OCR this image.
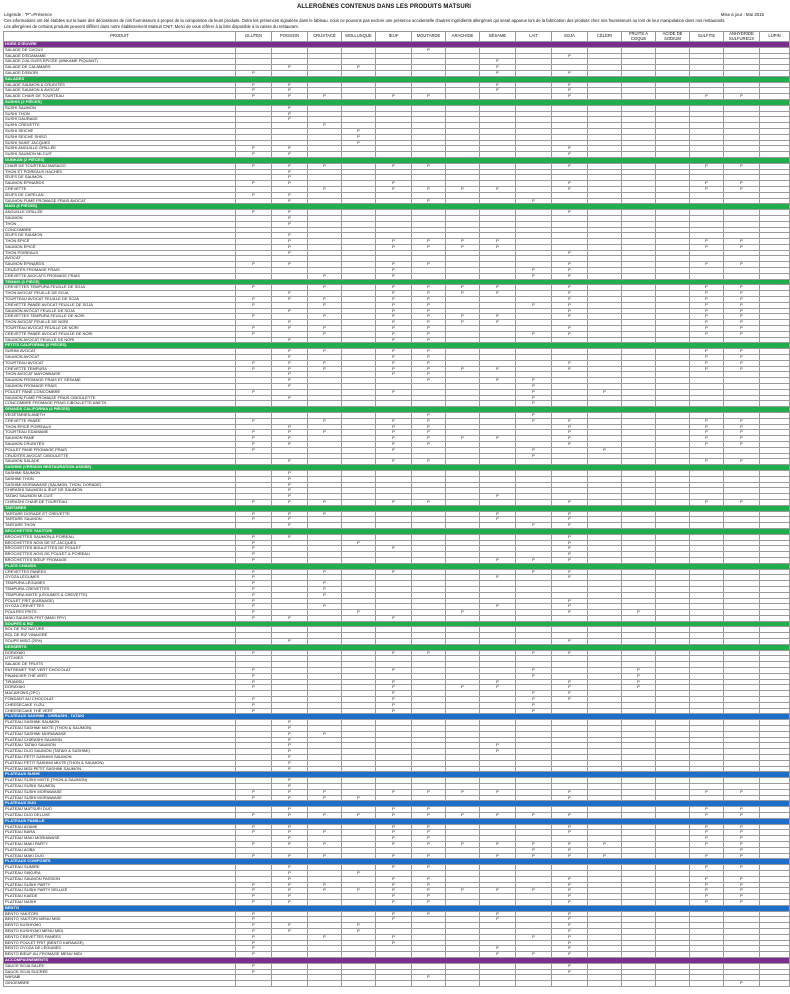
ALLERGÈNES CONTENUS DANS LES PRODUITS MATSURI
Légende : "P"=Présence	Mise à jour : Mai 2015
Ces informations ont été établies sur la base des déclarations de nos fournisseurs à propos de la composition de leurs produits. Outre les présences signalées dans le tableau, nous ne pouvons pas exclure une présence accidentelle d'autres ingrédients allergènes qui serait apparue lors de la fabrication des produits chez nos fournisseurs ou lors de leur manipulation dans nos restaurants.
Les allergènes de certains produits peuvent différer dans notre établissement Matsuri CNIT. Merci de vous référer à la liste disponible à la caisse du restaurant.
PRODUIT	GLUTEN	POISSON	CRUSTACÉ	MOLLUSQUE	ŒUF	MOUTARDE	ARACHIDE	SÉSAME	LAIT	SOJA	CÉLERI	FRUITS À COQUE	ACIDE DE SODIUM	SULFITE	ANHYDRIDE SULFUREUX	LUPIN
HORS D'ŒUVRE																
SALADE DE CHOUX						P										
SALADE D'EDAMAME										P						
SALADE D'ALGUES EPICÉE (WAKAME PIQUANT)								P								
SALADE DE CALAMARS		P		P				P								
SALADE D'EBORI	P							P		P						
SALADES																
SALADE SAUMON & CRUDITÉS	P	P						P		P						
SALADE SAUMON & AVOCAT	P	P						P		P						
SALADE CHAIR DE TOURTEAU	P	P	P		P	P				P				P	P	
SUSHIS (2 PIÈCES)																
SUSHI SAUMON		P														
SUSHI THON		P														
SUSHI DAURADE		P														
SUSHI CREVETTE			P													
SUSHI SEICHE				P												
SUSHI SEICHE SHISO				P												
SUSHI SAINT JACQUES				P												
SUSHI ANGUILLE GRILLÉE	P	P								P						
SUSHI SAUMON MI-CUIT	P	P								P						
GUNKAN (2 PIÈCES)																
CHAIR DE TOURTEAU MASAGO	P	P	P		P	P				P				P	P	
THON ET POIREAUX HACHÉS		P														
ŒUFS DE SAUMON		P														
SAUMON ÉPINARDS	P	P			P					P				P	P	
CREVETTE			P		P	P	P	P		P				P	P	
ŒUFS DE CAPELAN	P	P														
SAUMON FUMÉ FROMAGE FRAIS AVOCAT		P				P			P							
MAKI (6 PIÈCES)																
ANGUILLE GRILLÉE	P	P								P						
SAUMON		P														
THON		P														
CONCOMBRE																
ŒUFS DE SAUMON		P														
THON ÉPICÉ		P			P	P	P	P						P	P	
SAUMON ÉPICÉ		P			P	P	P	P						P	P	
THON POIREAUX		P								P						
AVOCAT																
SAUMON ÉPINARDS	P	P			P	P				P				P	P	
CRUDITÉS FROMAGE FRAIS					P				P	P						
CREVETTE AVOCATS FROMAGE FRAIS			P		P				P	P						
TEMAKI (1 PIÈCE)																
CREVETTES TEMPURA FEUILLE DE SOJA	P		P		P	P	P	P		P				P	P	
THON AVOCAT FEUILLE DE SOJA		P			P	P	P	P		P				P	P	
TOURTEAU AVOCAT FEUILLE DE SOJA	P	P	P		P	P				P				P	P	
CREVETTE PANÉE AVOCAT FEUILLE DE SOJA	P		P		P	P			P	P				P	P	
SAUMON AVOCAT FEUILLE DE SOJA		P			P	P				P				P	P	
CREVETTES TEMPURA FEUILLE DE NORI	P		P		P	P	P	P		P				P	P	
THON AVOCAT FEUILLE DE NORI		P			P	P	P	P						P	P	
TOURTEAU AVOCAT FEUILLE DE NORI	P	P	P		P	P				P				P	P	
CREVETTE PANÉE AVOCAT FEUILLE DE NORI	P		P		P	P			P	P				P	P	
SAUMON AVOCAT FEUILLE DE NORI		P			P	P										
PETITS CALIFORNIA (6 PIÈCES)																
SURIMI AVOCAT		P	P		P	P								P	P	
SAUMON AVOCAT		P			P	P								P	P	
TOURTEAU AVOCAT	P	P	P		P	P				P				P	P	
CREVETTE TEMPURA	P	P	P		P	P	P	P		P				P	P	
THON AVOCAT MAYONNAISE		P			P	P										
SAUMON FROMAGE FRAIS ET SÉSAME		P				P		P	P							
SAUMON FROMAGE FRAIS		P							P							
POULET PANÉ CONCOMBRE	P				P				P		P					
SAUMON FUMÉ FROMAGE FRAIS CIBOULETTE		P							P							
CONCOMBRE FROMAGE FRAIS CIBOULETTE ANETH									P							
GRANDS CALIFORNIA (4 PIÈCES)																
VÉGÉTARIEN ANETH						P			P							
CREVETTE PANÉE	P		P		P	P			P	P				P	P	
THON ÉPICÉ POIREAUX		P			P	P				P				P	P	
TOURTEAU EDAMAME	P	P	P		P	P				P				P	P	
SAUMON PANÉ	P	P			P	P	P	P		P				P	P	
SAUMON CRUDITÉS	P	P			P	P				P				P	P	
POULET PANÉ FROMAGE FRAIS	P				P				P		P					
CRUDITÉS AVOCAT CIBOULETTE									P							
SAUMON SALADE		P			P	P								P	P	
SASHIMI (VERSION RESTAURATION ASSISE)																
SASHIMI SAUMON		P														
SASHIMI THON		P														
SASHIMI MORIAWASE (SAUMON, THON, DORADE)		P														
CHIRASHI SAUMON & ŒUF DE SAUMON		P														
TATAKI SAUMON MI-CUIT		P						P								
CHIRASHI CHAIR DE TOURTEAU	P	P	P		P	P				P				P	P	
TARTARES																
TARTARE DORADE ET CREVETTE	P	P	P					P		P						
TARTARE SAUMON	P	P						P		P						
TARTARE THON		P							P	P						
BROCHETTES YAKITORI																
BROCHETTES SAUMON & POIREAU	P	P								P						
BROCHETTES NOIX DE ST-JACQUES	P			P						P						
BROCHETTES BOULETTES DE POULET	P				P					P						
BROCHETTES NOIX DE POULET & POIREAU	P									P						
BROCHETTES BŒUF FROMAGE	P							P	P	P						
PLATS CHAUDS																
CREVETTES PANÉES	P		P		P				P	P						
GYOZA LÉGUMES	P							P		P						
TEMPURA LÉGUMES	P		P													
TEMPURA CREVETTES	P		P													
TEMPURA MIXTE (LÉGUMES & CREVETTE)	P		P													
POULET FRIT (KARAAGE)	P									P						
GYOZA CREVETTES	P		P					P		P						
POULPES FRITS	P			P			P			P		P				
MAKI SAUMON FRIT (MAKI FRY)	P	P			P											
SOUPES & RIZ																
BOL DE RIZ NATURE																
BOL DE RIZ VINAIGRÉ																
SOUPE MISO (20%)		P								P						
DESSERTS																
DORAYAKI	P				P	P			P	P						
LITCHIES																
SALADE DE FRUITS																
ENTREMET THÉ VERT CHOCOLAT	P				P				P			P				
FINANCIER THÉ VERT	P								P			P				
TIRAMISU	P				P			P		P		P				
DORAYAKI	P				P		P	P		P		P				
MACARONS (2PC)					P				P	P						
FONDANT AU CHOCOLAT	P				P				P	P						
CHEESECAKE YUZU	P				P				P							
CHEESECAKE THÉ VERT	P				P				P							
PLATEAUX SASHIMI - CHIRASHI - TATAKI																
PLATEAU SASHIMI SAUMON		P														
PLATEAU SASHIMI MIXTE (THON & SAUMON)		P														
PLATEAU SASHIMI MORIAWASE		P	P													
PLATEAU CHIRASHI SAUMON		P														
PLATEAU TATAKI SAUMON		P						P								
PLATEAU DUO SAUMON (TATAKI & SASHIMI)		P						P								
PLATEAU PETIT SASHIMI SAUMON		P														
PLATEAU PETIT SASHIMI MIXTE (THON & SAUMON)		P														
PLATEAU MIDI PETIT SASHIMI SAUMON		P														
PLATEAUX SUSHI																
PLATEAU SUSHI MIXTE (THON & SAUMON)		P														
PLATEAU SUSHI SAUMON		P														
PLATEAU SUSHI MORIAWASE	P	P	P		P	P	P	P		P				P	P	
PLATEAU SUSHI MORIAWASE	P	P	P	P						P						
PLATEAUX DUO																
PLATEAU MATSURI DUO		P			P	P								P	P	
PLATEAU DUO DELUXE	P	P	P	P	P	P	P	P	P	P				P	P	
PLATEAUX FAMILLE																
PLATEAU AYAME	P	P			P	P				P				P	P	
PLATEAU BARA	P	P	P		P	P				P				P	P	
PLATEAU MAKI MORIAWASE		P			P	P								P	P	
PLATEAU MAKI PARTY	P	P	P		P	P	P	P	P	P	P			P	P	
PLATEAU AOBA									P	P					P	
PLATEAU MAKI DUO	P	P	P		P	P		P	P	P	P			P	P	
PLATEAUX COMPOSÉS																
PLATEAU SUMIRE		P			P	P								P	P	
PLATEAU SAKURA		P		P												
PLATEAU SAUMON PASSION		P			P	P				P				P	P	
PLATEAU SUSHI PARTY	P	P	P		P	P				P				P	P	
PLATEAU SUSHI PARTY DELUXE	P	P	P	P	P	P	P	P	P	P				P	P	
PLATEAU KAEDE	P	P			P	P				P				P	P	
PLATEAU NASHI	P	P			P	P				P				P	P	
BENTO																
BENTO YAKITORI	P				P	P		P		P						
BENTO YAKITORI MENU MIDI	P				P			P		P						
BENTO KUSHIYAKI	P	P		P						P						
BENTO KUSHIYAKI MENU MIDI	P	P		P						P						
BENTO CREVETTES PANÉES	P		P		P				P	P						
BENTO POULET FRIT (BENTO KARAAGE)	P				P					P						
BENTO GYOZA DE LÉGUMES	P							P		P						
BENTO BŒUF AU FROMAGE MENU MIDI	P							P	P	P						
ACCOMPAGNEMENTS																
SAUCE SOJA SALÉE	P									P						
SAUCE SOJA SUCRÉE	P									P						
WASABI						P										
GINGEMBRE															P	
